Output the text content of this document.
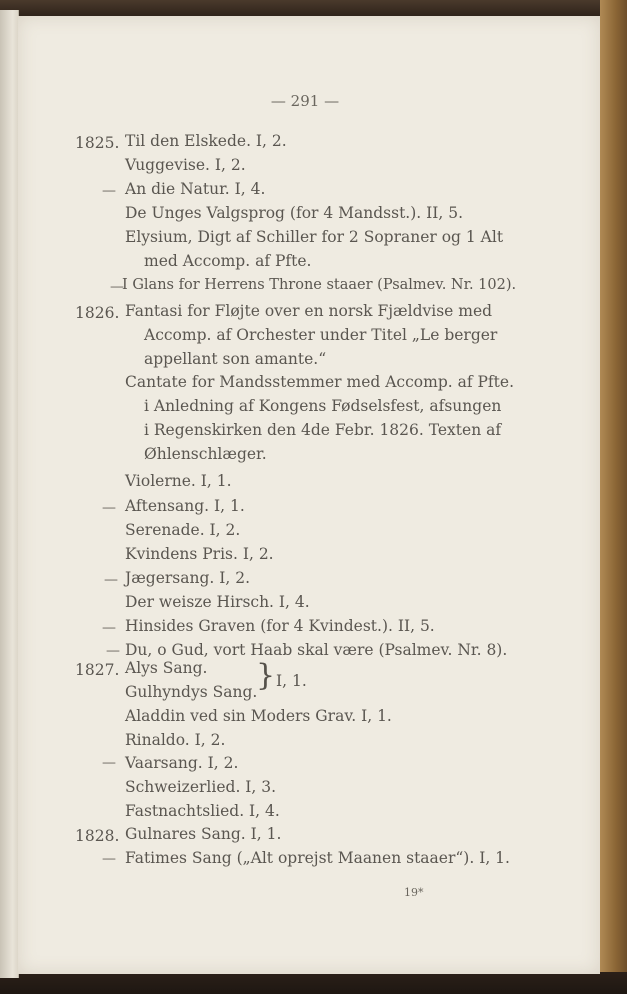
— 291 —
1825.
1826.
1827.
1828.
—
—
—
—
—
—
—
—
Til den Elskede. I, 2.
Vuggevise. I, 2.
An die Natur. I, 4.
De Unges Valgsprog (for 4 Mandsst.). II, 5.
Elysium, Digt af Schiller for 2 Sopraner og 1 Alt
med Accomp. af Pfte.
I Glans for Herrens Throne staaer (Psalmev. Nr. 102).
Fantasi for Fløjte over en norsk Fjældvise med
Accomp. af Orchester under Titel „Le berger
appellant son amante.“
Cantate for Mandsstemmer med Accomp. af Pfte.
i Anledning af Kongens Fødselsfest, afsungen
i Regenskirken den 4de Febr. 1826. Texten af
Øhlenschlæger.
Violerne. I, 1.
Aftensang. I, 1.
Serenade. I, 2.
Kvindens Pris. I, 2.
Jægersang. I, 2.
Der weisze Hirsch. I, 4.
Hinsides Graven (for 4 Kvindest.). II, 5.
Du, o Gud, vort Haab skal være (Psalmev. Nr. 8).
Alys Sang.
Gulhyndys Sang.
} I, 1.
Aladdin ved sin Moders Grav. I, 1.
Rinaldo. I, 2.
Vaarsang. I, 2.
Schweizerlied. I, 3.
Fastnachtslied. I, 4.
Gulnares Sang. I, 1.
Fatimes Sang („Alt oprejst Maanen staaer“). I, 1.
19*
